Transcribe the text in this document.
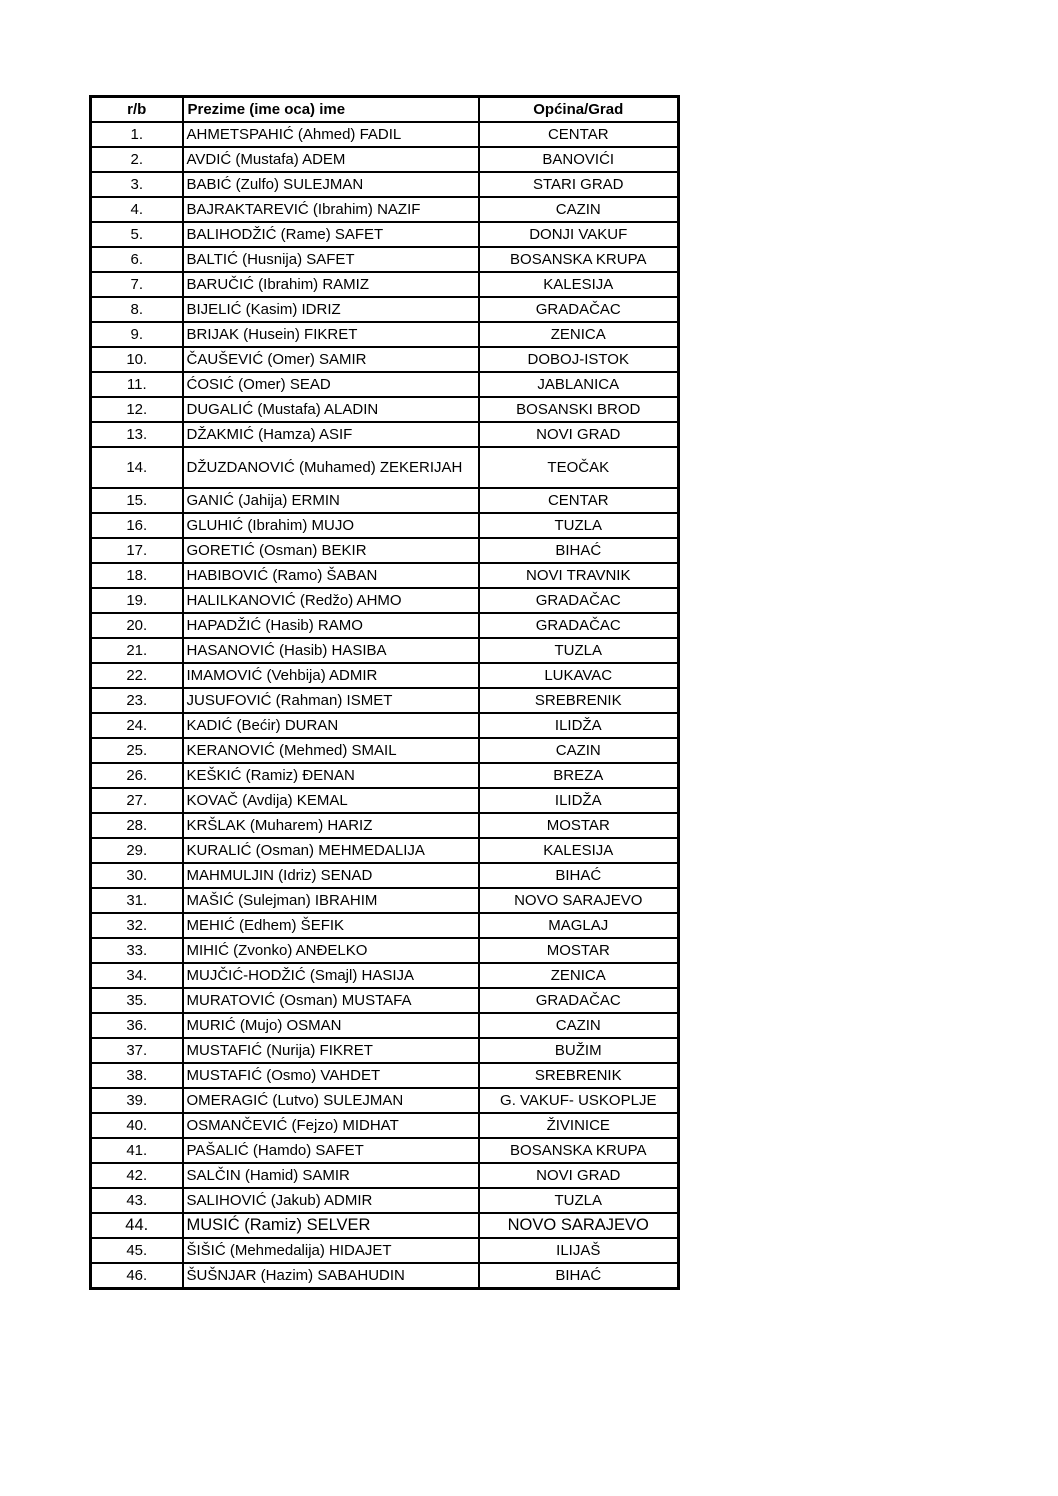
r/b	Prezime (ime oca) ime	Općina/Grad
1.	AHMETSPAHIĆ (Ahmed) FADIL	CENTAR
2.	AVDIĆ (Mustafa) ADEM	BANOVIĆI
3.	BABIĆ (Zulfo) SULEJMAN	STARI GRAD
4.	BAJRAKTAREVIĆ (Ibrahim) NAZIF	CAZIN
5.	BALIHODŽIĆ (Rame) SAFET	DONJI VAKUF
6.	BALTIĆ (Husnija) SAFET	BOSANSKA KRUPA
7.	BARUČIĆ (Ibrahim) RAMIZ	KALESIJA
8.	BIJELIĆ (Kasim) IDRIZ	GRADAČAC
9.	BRIJAK (Husein) FIKRET	ZENICA
10.	ČAUŠEVIĆ (Omer) SAMIR	DOBOJ-ISTOK
11.	ĆOSIĆ (Omer) SEAD	JABLANICA
12.	DUGALIĆ (Mustafa) ALADIN	BOSANSKI BROD
13.	DŽAKMIĆ (Hamza) ASIF	NOVI GRAD
14.	DŽUZDANOVIĆ (Muhamed) ZEKERIJAH	TEOČAK
15.	GANIĆ (Jahija) ERMIN	CENTAR
16.	GLUHIĆ (Ibrahim) MUJO	TUZLA
17.	GORETIĆ (Osman) BEKIR	BIHAĆ
18.	HABIBOVIĆ (Ramo) ŠABAN	NOVI TRAVNIK
19.	HALILKANOVIĆ (Redžo) AHMO	GRADAČAC
20.	HAPADŽIĆ (Hasib) RAMO	GRADAČAC
21.	HASANOVIĆ (Hasib) HASIBA	TUZLA
22.	IMAMOVIĆ (Vehbija) ADMIR	LUKAVAC
23.	JUSUFOVIĆ (Rahman) ISMET	SREBRENIK
24.	KADIĆ (Bećir) DURAN	ILIDŽA
25.	KERANOVIĆ (Mehmed) SMAIL	CAZIN
26.	KEŠKIĆ (Ramiz) ĐENAN	BREZA
27.	KOVAČ (Avdija) KEMAL	ILIDŽA
28.	KRŠLAK (Muharem) HARIZ	MOSTAR
29.	KURALIĆ (Osman) MEHMEDALIJA	KALESIJA
30.	MAHMULJIN (Idriz) SENAD	BIHAĆ
31.	MAŠIĆ (Sulejman) IBRAHIM	NOVO SARAJEVO
32.	MEHIĆ (Edhem) ŠEFIK	MAGLAJ
33.	MIHIĆ (Zvonko) ANĐELKO	MOSTAR
34.	MUJČIĆ-HODŽIĆ (Smajl) HASIJA	ZENICA
35.	MURATOVIĆ (Osman) MUSTAFA	GRADAČAC
36.	MURIĆ (Mujo) OSMAN	CAZIN
37.	MUSTAFIĆ (Nurija) FIKRET	BUŽIM
38.	MUSTAFIĆ (Osmo) VAHDET	SREBRENIK
39.	OMERAGIĆ (Lutvo) SULEJMAN	G. VAKUF- USKOPLJE
40.	OSMANČEVIĆ (Fejzo) MIDHAT	ŽIVINICE
41.	PAŠALIĆ (Hamdo) SAFET	BOSANSKA KRUPA
42.	SALČIN (Hamid) SAMIR	NOVI GRAD
43.	SALIHOVIĆ (Jakub) ADMIR	TUZLA
44.	MUSIĆ (Ramiz) SELVER	NOVO SARAJEVO
45.	ŠIŠIĆ (Mehmedalija) HIDAJET	ILIJAŠ
46.	ŠUŠNJAR (Hazim) SABAHUDIN	BIHAĆ
